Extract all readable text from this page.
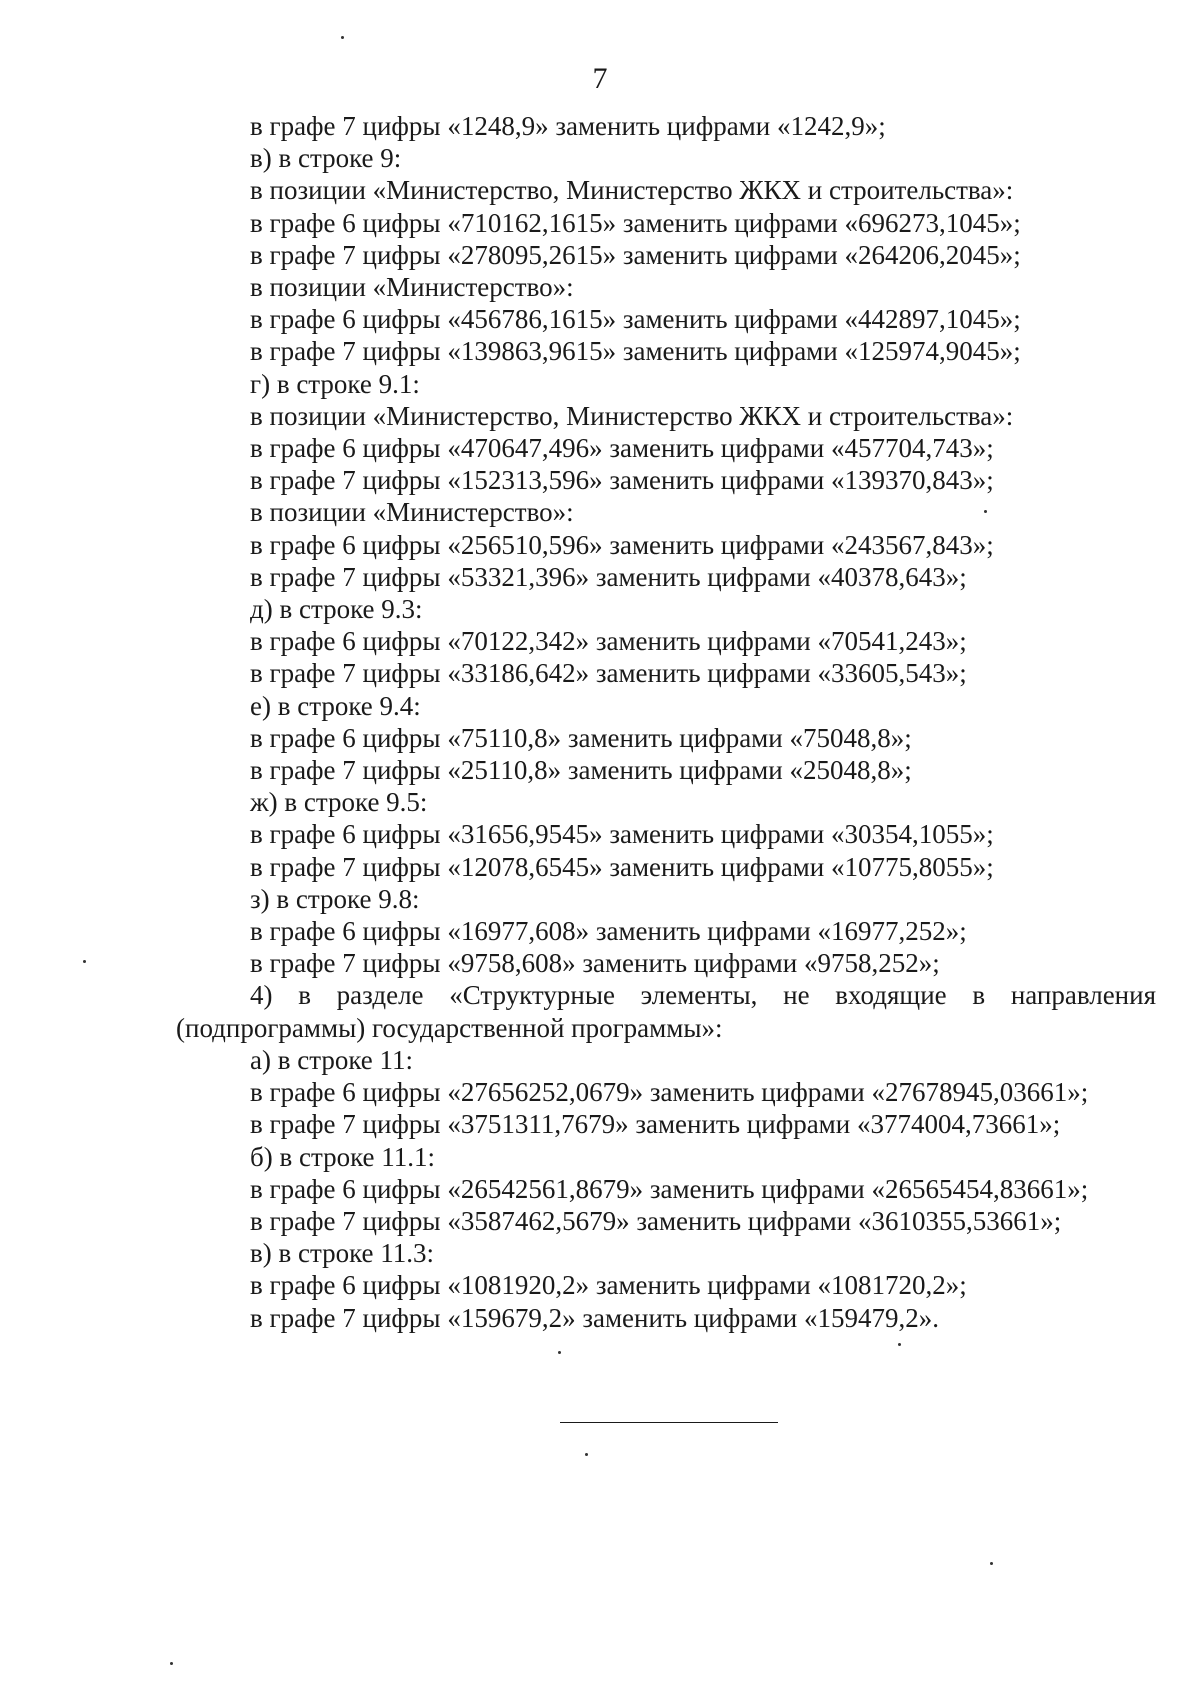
7
в графе 7 цифры «1248,9» заменить цифрами «1242,9»;
в) в строке 9:
в позиции «Министерство, Министерство ЖКХ и строительства»:
в графе 6 цифры «710162,1615» заменить цифрами «696273,1045»;
в графе 7 цифры «278095,2615» заменить цифрами «264206,2045»;
в позиции «Министерство»:
в графе 6 цифры «456786,1615» заменить цифрами «442897,1045»;
в графе 7 цифры «139863,9615» заменить цифрами «125974,9045»;
г) в строке 9.1:
в позиции «Министерство, Министерство ЖКХ и строительства»:
в графе 6 цифры «470647,496» заменить цифрами «457704,743»;
в графе 7 цифры «152313,596» заменить цифрами «139370,843»;
в позиции «Министерство»:
в графе 6 цифры «256510,596» заменить цифрами «243567,843»;
в графе 7 цифры «53321,396» заменить цифрами «40378,643»;
д) в строке 9.3:
в графе 6 цифры «70122,342» заменить цифрами «70541,243»;
в графе 7 цифры «33186,642» заменить цифрами «33605,543»;
е) в строке 9.4:
в графе 6 цифры «75110,8» заменить цифрами «75048,8»;
в графе 7 цифры «25110,8» заменить цифрами «25048,8»;
ж) в строке 9.5:
в графе 6 цифры «31656,9545» заменить цифрами «30354,1055»;
в графе 7 цифры «12078,6545» заменить цифрами «10775,8055»;
з) в строке 9.8:
в графе 6 цифры «16977,608» заменить цифрами «16977,252»;
в графе 7 цифры «9758,608» заменить цифрами «9758,252»;
4) в разделе «Структурные элементы, не входящие в направления
(подпрограммы) государственной программы»:
а) в строке 11:
в графе 6 цифры «27656252,0679» заменить цифрами «27678945,03661»;
в графе 7 цифры «3751311,7679» заменить цифрами «3774004,73661»;
б) в строке 11.1:
в графе 6 цифры «26542561,8679» заменить цифрами «26565454,83661»;
в графе 7 цифры «3587462,5679» заменить цифрами «3610355,53661»;
в) в строке 11.3:
в графе 6 цифры «1081920,2» заменить цифрами «1081720,2»;
в графе 7 цифры «159679,2» заменить цифрами «159479,2».
